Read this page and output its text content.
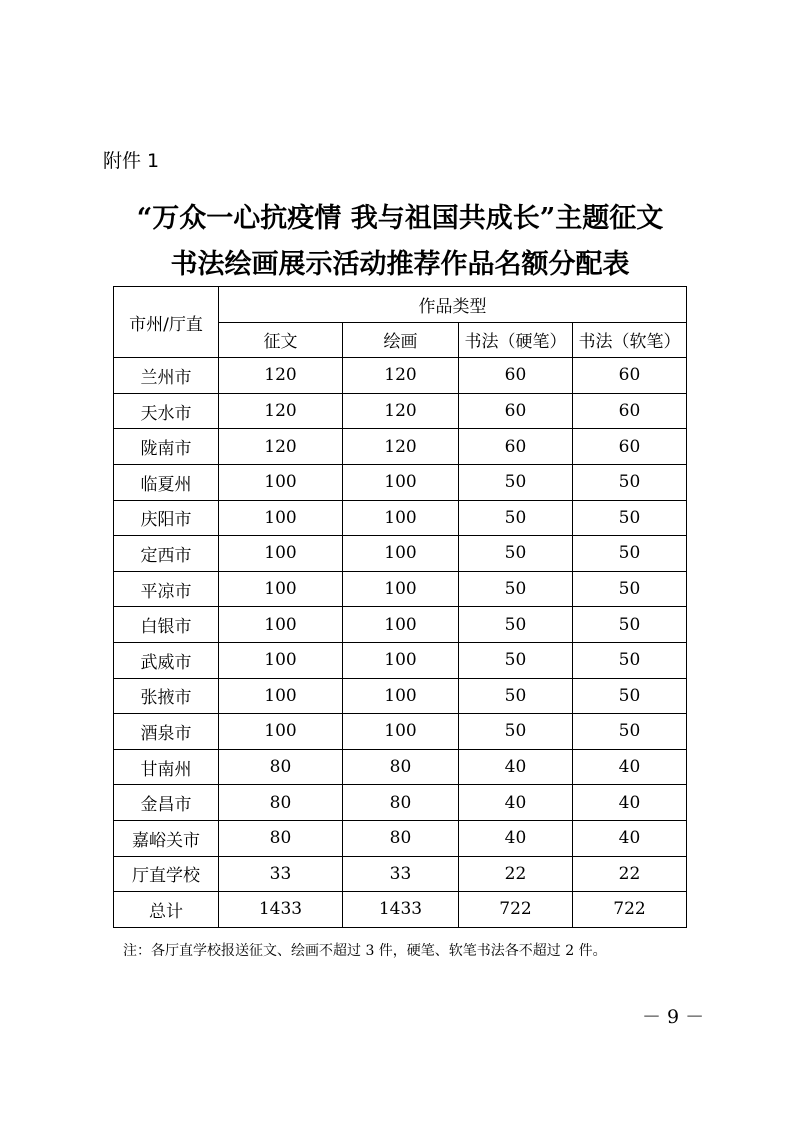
附件 1
“万众一心抗疫情 我与祖国共成长”主题征文
书法绘画展示活动推荐作品名额分配表
市州/厅直	作品类型			
	征文	绘画	书法（硬笔）	书法（软笔）
兰州市	120	120	60	60
天水市	120	120	60	60
陇南市	120	120	60	60
临夏州	100	100	50	50
庆阳市	100	100	50	50
定西市	100	100	50	50
平凉市	100	100	50	50
白银市	100	100	50	50
武威市	100	100	50	50
张掖市	100	100	50	50
酒泉市	100	100	50	50
甘南州	80	80	40	40
金昌市	80	80	40	40
嘉峪关市	80	80	40	40
厅直学校	33	33	22	22
总计	1433	1433	722	722
注：各厅直学校报送征文、绘画不超过 3 件，硬笔、软笔书法各不超过 2 件。
－ 9 －
